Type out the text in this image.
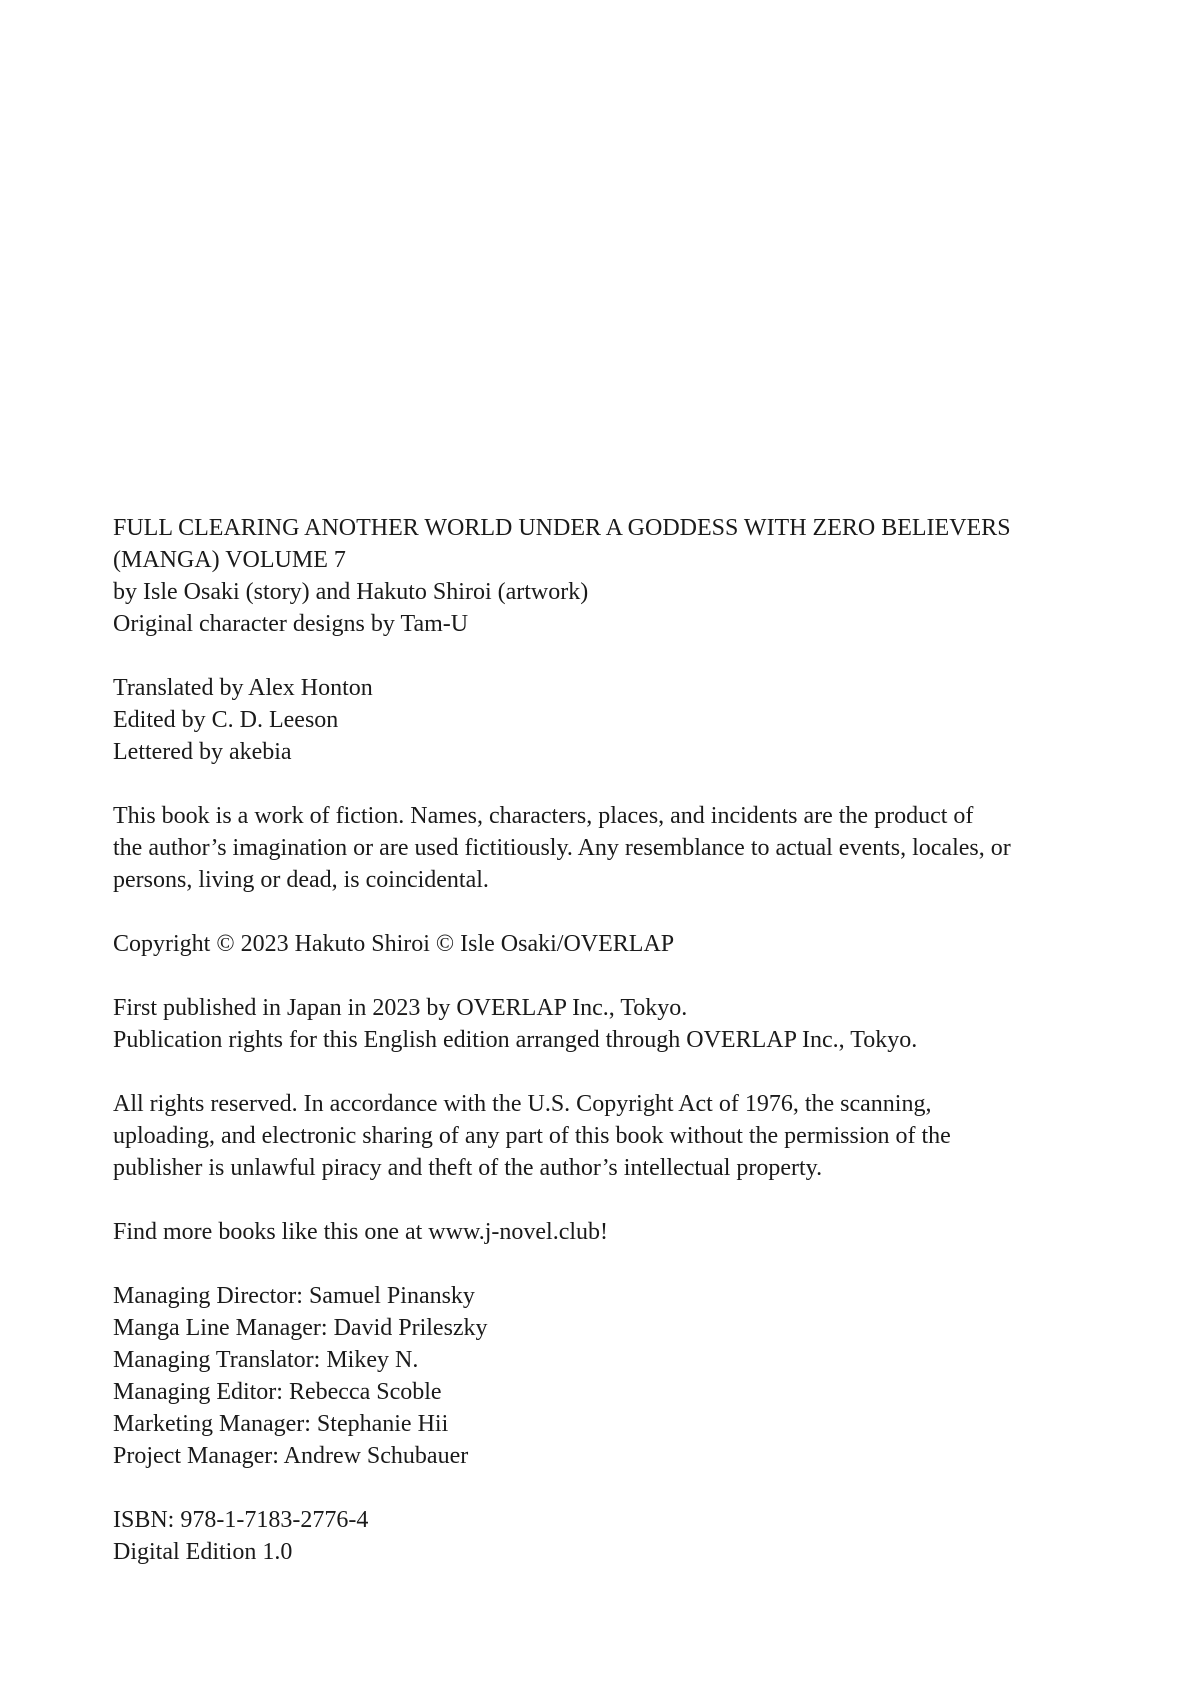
FULL CLEARING ANOTHER WORLD UNDER A GODDESS WITH ZERO BELIEVERS
(MANGA) VOLUME 7
by Isle Osaki (story) and Hakuto Shiroi (artwork)
Original character designs by Tam-U
Translated by Alex Honton
Edited by C. D. Leeson
Lettered by akebia
This book is a work of fiction. Names, characters, places, and incidents are the product of
the author’s imagination or are used fictitiously. Any resemblance to actual events, locales, or
persons, living or dead, is coincidental.
Copyright © 2023 Hakuto Shiroi © Isle Osaki/OVERLAP
First published in Japan in 2023 by OVERLAP Inc., Tokyo.
Publication rights for this English edition arranged through OVERLAP Inc., Tokyo.
All rights reserved. In accordance with the U.S. Copyright Act of 1976, the scanning,
uploading, and electronic sharing of any part of this book without the permission of the
publisher is unlawful piracy and theft of the author’s intellectual property.
Find more books like this one at www.j-novel.club!
Managing Director: Samuel Pinansky
Manga Line Manager: David Prileszky
Managing Translator: Mikey N.
Managing Editor: Rebecca Scoble
Marketing Manager: Stephanie Hii
Project Manager: Andrew Schubauer
ISBN: 978-1-7183-2776-4
Digital Edition 1.0
